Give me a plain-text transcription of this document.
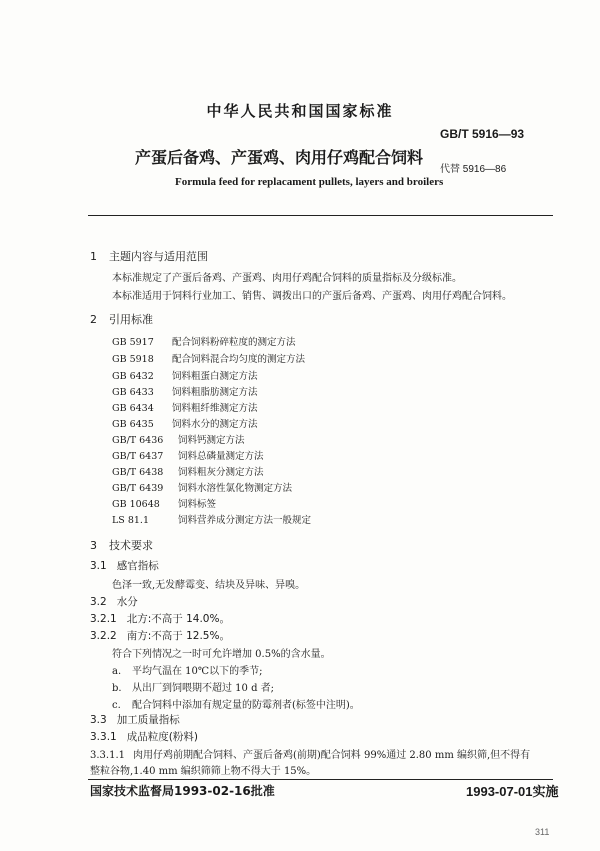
中华人民共和国国家标准
GB/T 5916—93
产蛋后备鸡、产蛋鸡、肉用仔鸡配合饲料
代替 5916—86
Formula feed for replacament pullets, layers and broilers
1 主题内容与适用范围
本标准规定了产蛋后备鸡、产蛋鸡、肉用仔鸡配合饲料的质量指标及分级标准。
本标准适用于饲料行业加工、销售、调拨出口的产蛋后备鸡、产蛋鸡、肉用仔鸡配合饲料。
2 引用标准
GB 5917 配合饲料粉碎粒度的测定方法
GB 5918 配合饲料混合均匀度的测定方法
GB 6432 饲料粗蛋白测定方法
GB 6433 饲料粗脂肪测定方法
GB 6434 饲料粗纤维测定方法
GB 6435 饲料水分的测定方法
GB/T 6436 饲料钙测定方法
GB/T 6437 饲料总磷量测定方法
GB/T 6438 饲料粗灰分测定方法
GB/T 6439 饲料水溶性氯化物测定方法
GB 10648 饲料标签
LS 81.1	饲料营养成分测定方法一般规定
3 技术要求
3.1 感官指标
色泽一致,无发酵霉变、结块及异味、异嗅。
3.2 水分
3.2.1 北方:不高于 14.0%。
3.2.2 南方:不高于 12.5%。
符合下列情况之一时可允许增加 0.5%的含水量。
a. 平均气温在 10℃以下的季节;
b. 从出厂到饲喂期不超过 10 d 者;
c. 配合饲料中添加有规定量的防霉剂者(标签中注明)。
3.3 加工质量指标
3.3.1 成品粒度(粉料)
3.3.1.1 肉用仔鸡前期配合饲料、产蛋后备鸡(前期)配合饲料 99%通过 2.80 mm 编织筛,但不得有
整粒谷物,1.40 mm 编织筛筛上物不得大于 15%。
国家技术监督局1993-02-16批准	1993-07-01实施
311
